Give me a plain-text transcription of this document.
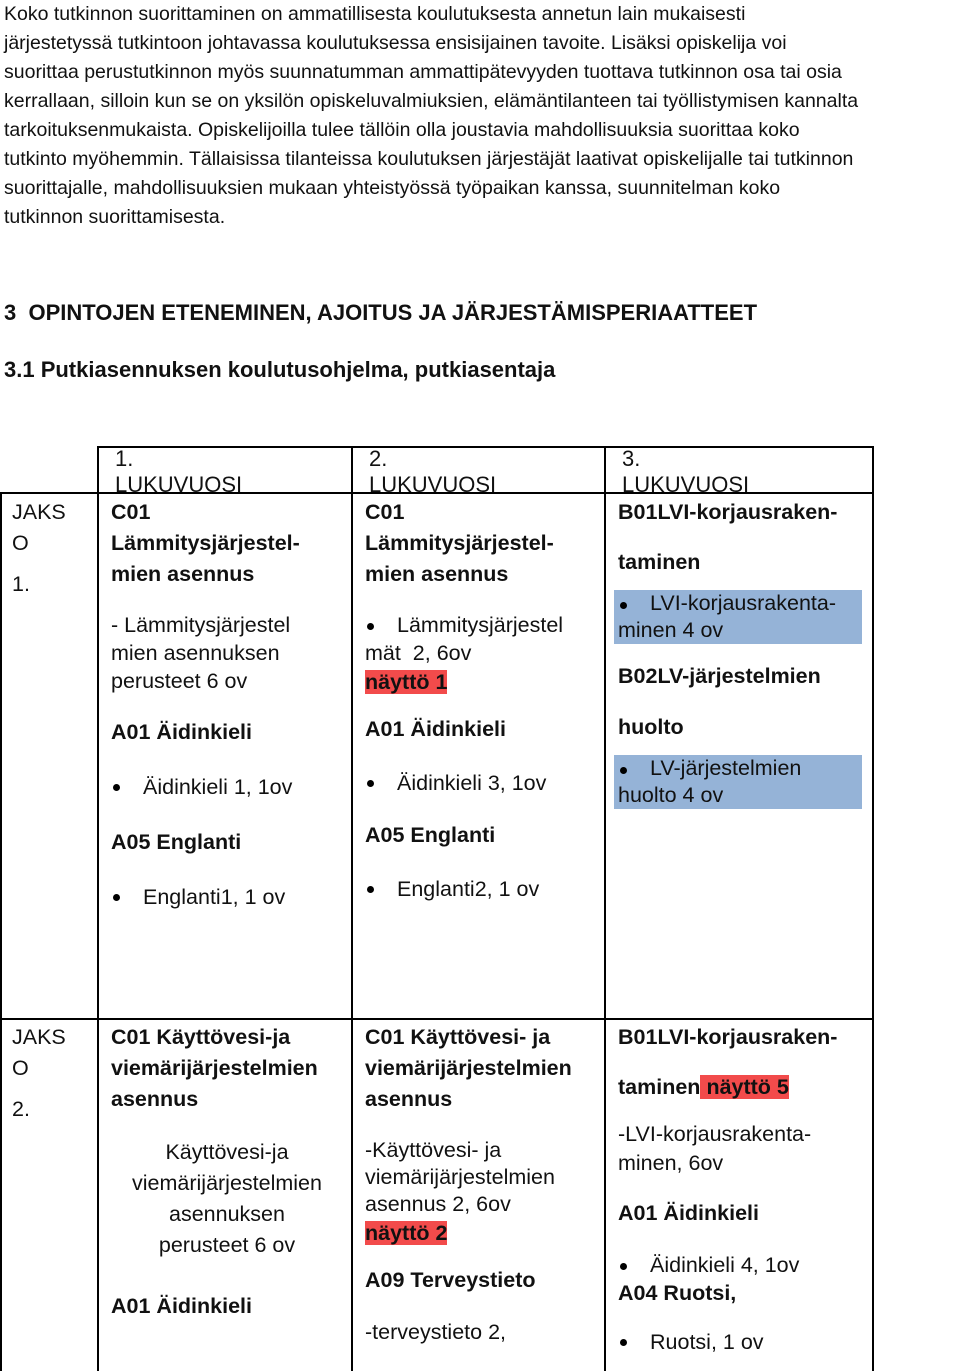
Koko tutkinnon suorittaminen on ammatillisesta koulutuksesta annetun lain mukaisesti
järjestetyssä tutkintoon johtavassa koulutuksessa ensisijainen tavoite. Lisäksi opiskelija voi
suorittaa perustutkinnon myös suunnatumman ammattipätevyyden tuottava tutkinnon osa tai osia
kerrallaan, silloin kun se on yksilön opiskeluvalmiuksien, elämäntilanteen tai työllistymisen kannalta
tarkoituksenmukaista. Opiskelijoilla tulee tällöin olla joustavia mahdollisuuksia suorittaa koko
tutkinto myöhemmin. Tällaisissa tilanteissa koulutuksen järjestäjät laativat opiskelijalle tai tutkinnon
suorittajalle, mahdollisuuksien mukaan yhteistyössä työpaikan kanssa, suunnitelman koko
tutkinnon suorittamisesta.
3  OPINTOJEN ETENEMINEN, AJOITUS JA JÄRJESTÄMISPERIAATTEET
3.1 Putkiasennuksen koulutusohjelma, putkiasentaja
1. LUKUVUOSI
2. LUKUVUOSI
3. LUKUVUOSI
JAKS
O
1.
C01
Lämmitysjärjestel-
mien asennus
- Lämmitysjärjestel
mien asennuksen
perusteet 6 ov
A01 Äidinkieli
Äidinkieli 1, 1ov
A05 Englanti
Englanti1, 1 ov
C01
Lämmitysjärjestel-
mien asennus
Lämmitysjärjestel
mät  2, 6ov
näyttö 1
A01 Äidinkieli
Äidinkieli 3, 1ov
A05 Englanti
Englanti2, 1 ov
B01LVI-korjausraken-
taminen
LVI-korjausrakenta-
minen 4 ov
B02LV-järjestelmien
huolto
LV-järjestelmien
huolto 4 ov
JAKS
O
2.
C01 Käyttövesi-ja
viemärijärjestelmien
asennus
Käyttövesi-ja
viemärijärjestelmien
asennuksen
perusteet 6 ov
A01 Äidinkieli
C01 Käyttövesi- ja
viemärijärjestelmien
asennus
-Käyttövesi- ja
viemärijärjestelmien
asennus 2, 6ov
näyttö 2
A09 Terveystieto
-terveystieto 2,
B01LVI-korjausraken-
taminen näyttö 5
-LVI-korjausrakenta-
minen, 6ov
A01 Äidinkieli
Äidinkieli 4, 1ov
A04 Ruotsi,
Ruotsi, 1 ov
